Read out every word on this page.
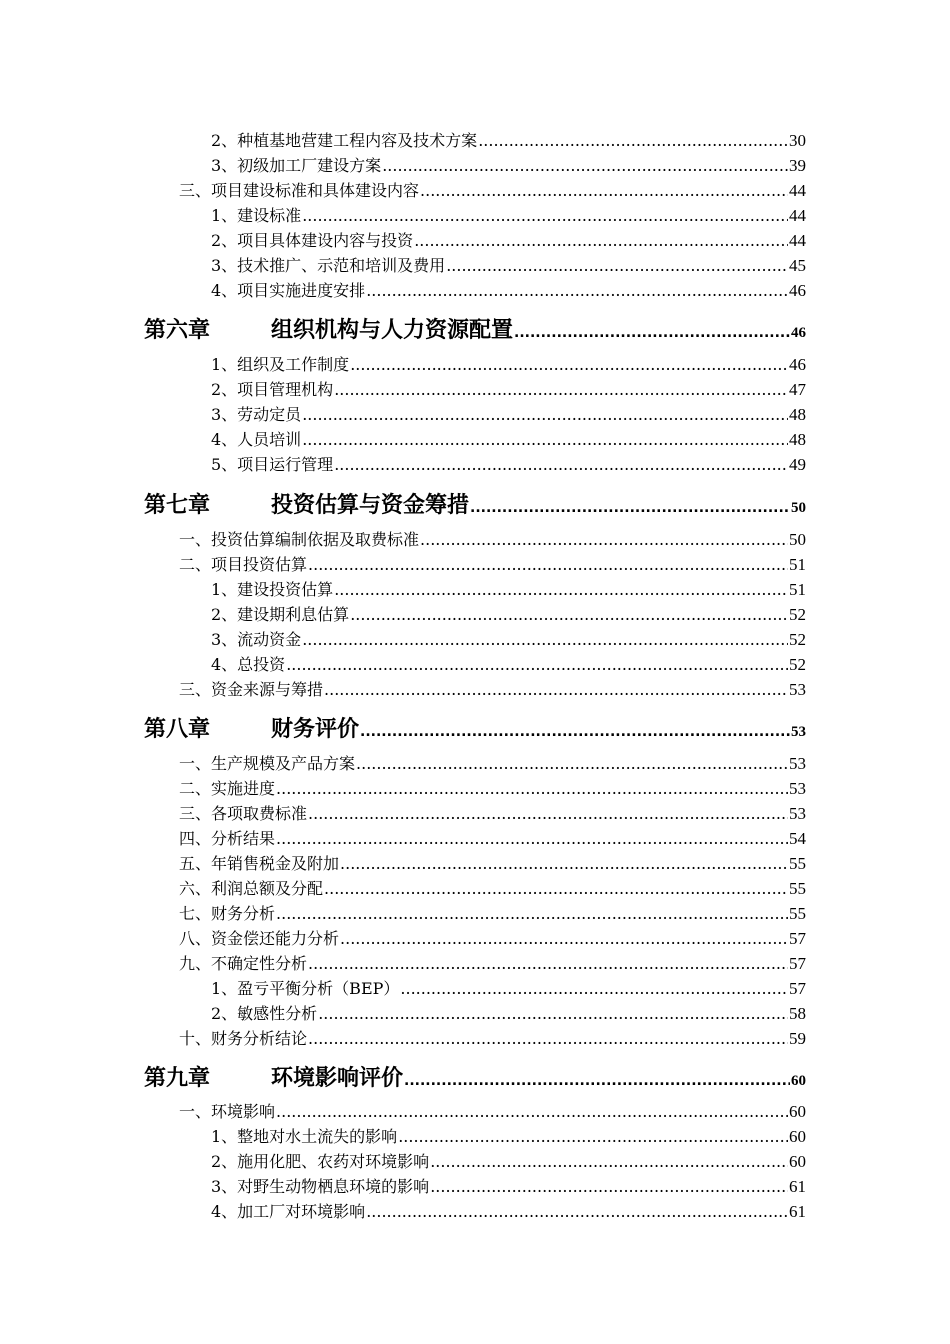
2、种植基地营建工程内容及技术方案 .....	30
3、初级加工厂建设方案 .....	39
三、项目建设标准和具体建设内容 .....	44
1、建设标准 .....	44
2、项目具体建设内容与投资 .....	44
3、技术推广、示范和培训及费用 .....	45
4、项目实施进度安排 .....	46
第六章	组织机构与人力资源配置 .....	46
1、组织及工作制度 .....	46
2、项目管理机构 .....	47
3、劳动定员 .....	48
4、人员培训 .....	48
5、项目运行管理 .....	49
第七章	投资估算与资金筹措 .....	50
一、投资估算编制依据及取费标准 .....	50
二、项目投资估算 .....	51
1、建设投资估算 .....	51
2、建设期利息估算 .....	52
3、流动资金 .....	52
4、总投资 .....	52
三、资金来源与筹措 .....	53
第八章	财务评价 .....	53
一、生产规模及产品方案 .....	53
二、实施进度 .....	53
三、各项取费标准 .....	53
四、分析结果 .....	54
五、年销售税金及附加 .....	55
六、利润总额及分配 .....	55
七、财务分析 .....	55
八、资金偿还能力分析 .....	57
九、不确定性分析 .....	57
1、盈亏平衡分析（BEP） .....	57
2、敏感性分析 .....	58
十、财务分析结论 .....	59
第九章	环境影响评价 .....	60
一、环境影响 .....	60
1、整地对水土流失的影响 .....	60
2、施用化肥、农药对环境影响 .....	60
3、对野生动物栖息环境的影响 .....	61
4、加工厂对环境影响 .....	61
